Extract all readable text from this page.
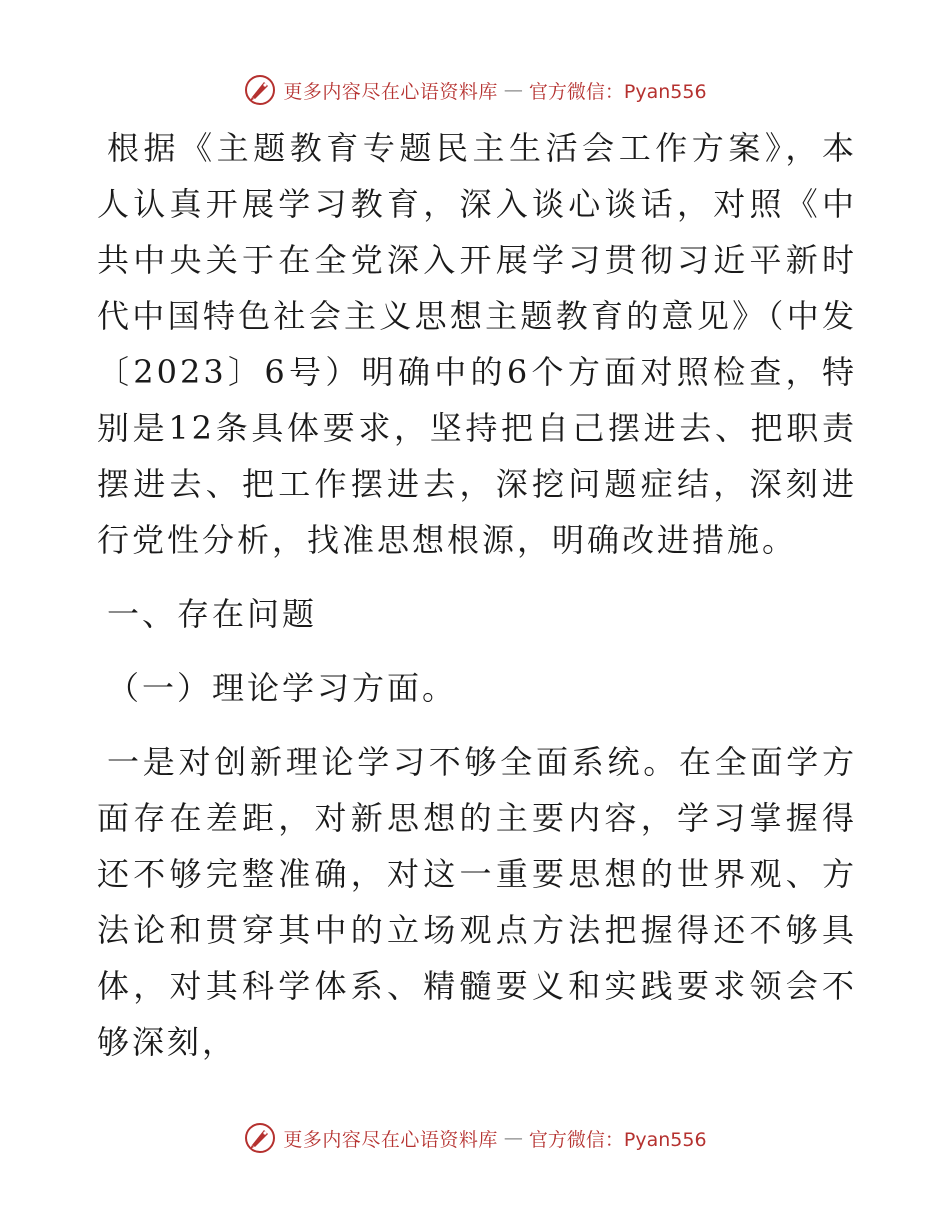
更多内容尽在心语资料库 — 官方微信：Pyan556

根据《主题教育专题民主生活会工作方案》，本人认真开展学习教育，深入谈心谈话，对照《中共中央关于在全党深入开展学习贯彻习近平新时代中国特色社会主义思想主题教育的意见》（中发〔2023〕6号）明确中的6个方面对照检查，特别是12条具体要求，坚持把自己摆进去、把职责摆进去、把工作摆进去，深挖问题症结，深刻进行党性分析，找准思想根源，明确改进措施。

一、存在问题

（一）理论学习方面。

一是对创新理论学习不够全面系统。在全面学方面存在差距，对新思想的主要内容，学习掌握得还不够完整准确，对这一重要思想的世界观、方法论和贯穿其中的立场观点方法把握得还不够具体，对其科学体系、精髓要义和实践要求领会不够深刻，

更多内容尽在心语资料库 — 官方微信：Pyan556
